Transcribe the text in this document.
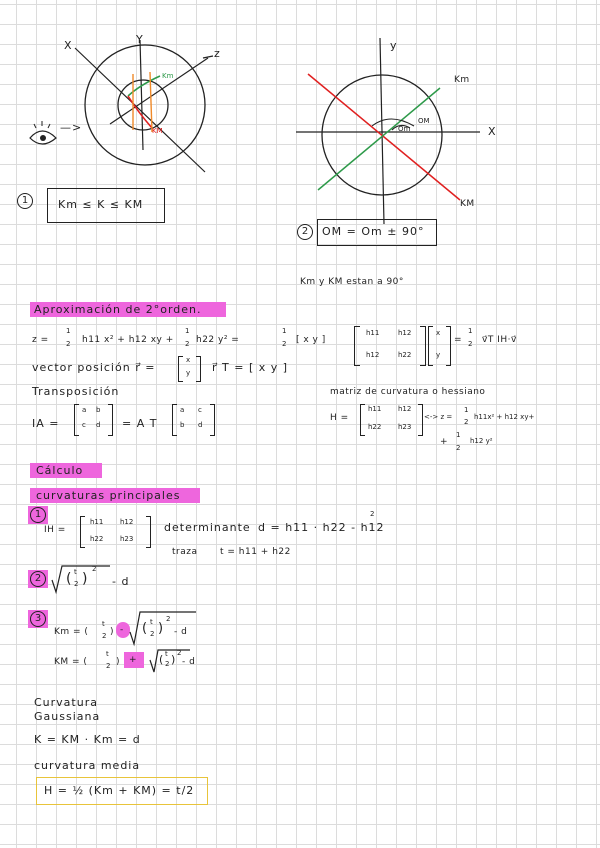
X	Y
z
Km
KM
—>
1	Km ≤ K ≤ KM
y
X
Km
KM
OM
Om
2	OM = Om ± 90°
Km y KM estan a 90°
Aproximación de 2°orden.
z =
1
2 h11 x² + h12 xy +
1
2 h22 y² =
1
2 [ x y ]
h11	h12
h12	h22
x
y
=
1
2 v⃗T IH·v⃗
vector posición r⃗ =
x
y r⃗ T = [ x y ]
Transposición
IA =
a b
c d = A T
a c
b d
matriz de curvatura o hessiano
H =
h11 h12
h22 h23
<-> z =
1
2
h11x² + h12 xy+
+
1
2
h12 y²
Cálculo
curvaturas principales
1
IH =
h11 h12
h22 h23
determinante d = h11 · h22 - h12
2
traza	t = h11 + h22
2	( t
2 )
2
- d
3
Km = (
t
2 ) - ( t
2 )
2
- d
KM = (
t
2 ) + ( t
2 ) 2
- d
Curvatura
Gaussiana
K = KM · Km = d
curvatura media
H = ½ (Km + KM) = t/2
